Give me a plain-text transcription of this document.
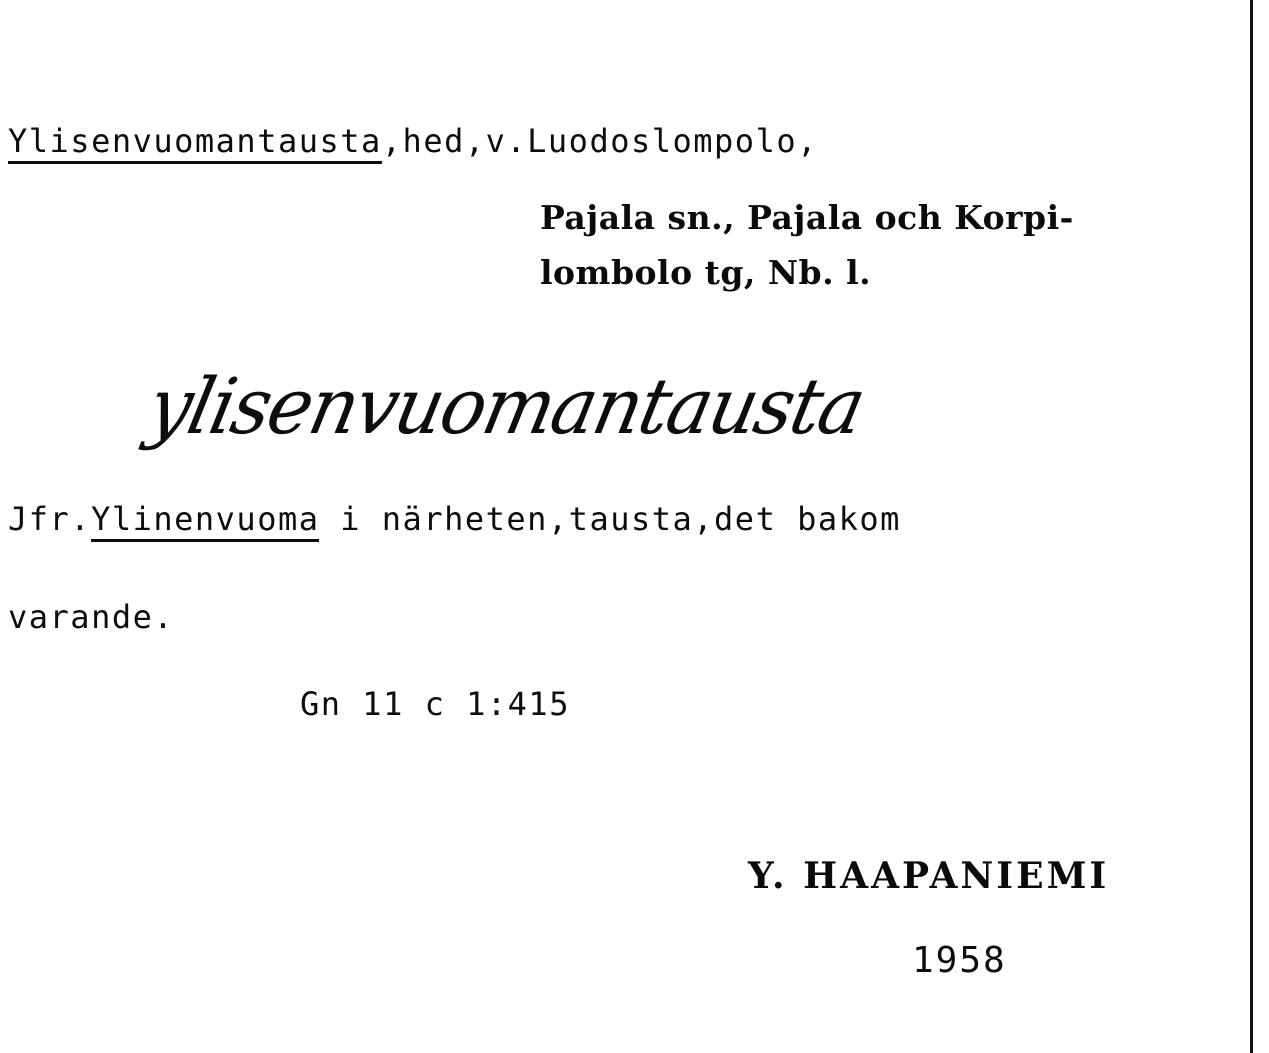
Ylisenvuomantausta,hed,v.Luodoslompolo,
Pajala sn., Pajala och Korpi-
lombolo tg, Nb. l.
ylisenvuomantausta
Jfr.Ylinenvuoma i närheten,tausta,det bakom
varande.
Gn 11 c 1:415
Y. HAAPANIEMI
1958
